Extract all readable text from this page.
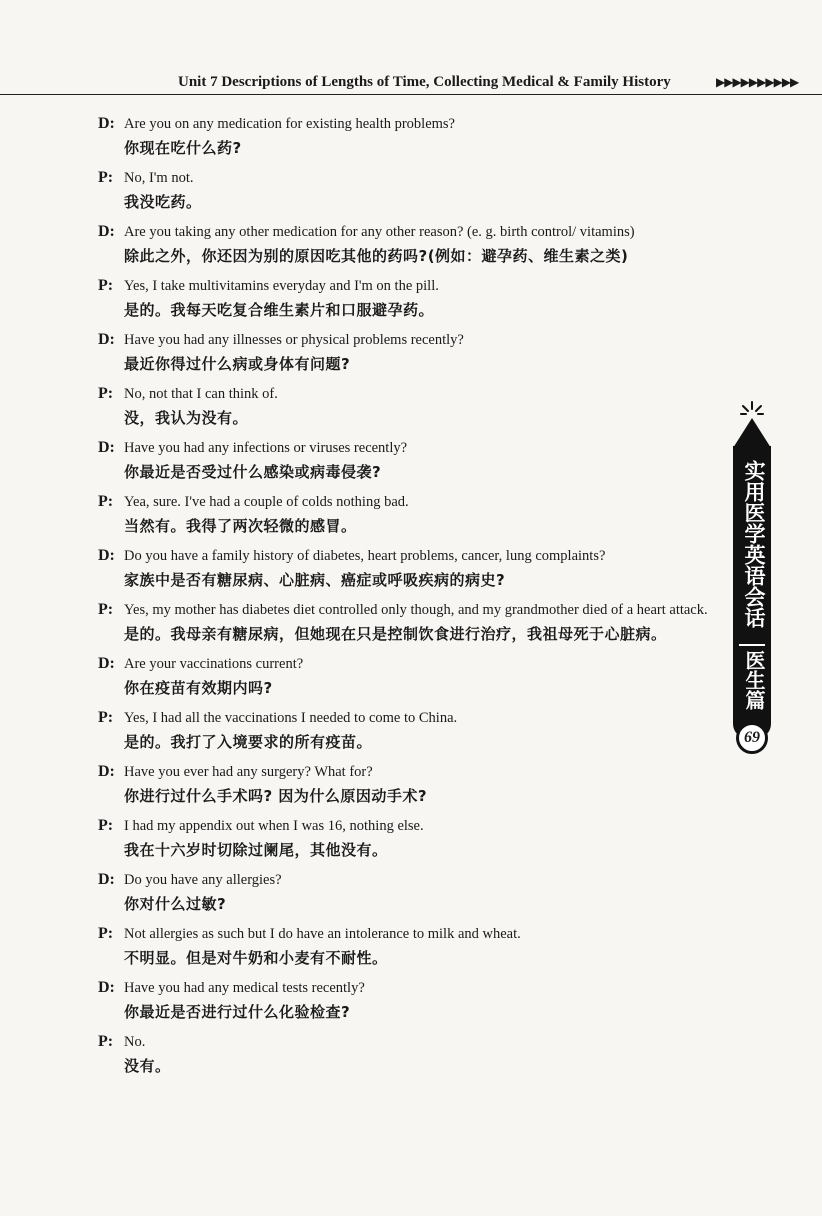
Unit 7 Descriptions of Lengths of Time, Collecting Medical & Family History	▶▶▶▶▶▶▶▶▶▶
D: Are you on any medication for existing health problems?
你现在吃什么药?
P: No, I'm not.
我没吃药。
D: Are you taking any other medication for any other reason? (e. g. birth control/ vitamins)
除此之外，你还因为别的原因吃其他的药吗?(例如：避孕药、维生素之类)
P: Yes, I take multivitamins everyday and I'm on the pill.
是的。我每天吃复合维生素片和口服避孕药。
D: Have you had any illnesses or physical problems recently?
最近你得过什么病或身体有问题?
P: No, not that I can think of.
没，我认为没有。
D: Have you had any infections or viruses recently?
你最近是否受过什么感染或病毒侵袭?
P: Yea, sure. I've had a couple of colds nothing bad.
当然有。我得了两次轻微的感冒。
D: Do you have a family history of diabetes, heart problems, cancer, lung complaints?
家族中是否有糖尿病、心脏病、癌症或呼吸疾病的病史?
P: Yes, my mother has diabetes diet controlled only though, and my grandmother died of a heart attack.
是的。我母亲有糖尿病，但她现在只是控制饮食进行治疗，我祖母死于心脏病。
D: Are your vaccinations current?
你在疫苗有效期内吗?
P: Yes, I had all the vaccinations I needed to come to China.
是的。我打了入境要求的所有疫苗。
D: Have you ever had any surgery? What for?
你进行过什么手术吗? 因为什么原因动手术?
P: I had my appendix out when I was 16, nothing else.
我在十六岁时切除过阑尾，其他没有。
D: Do you have any allergies?
你对什么过敏?
P: Not allergies as such but I do have an intolerance to milk and wheat.
不明显。但是对牛奶和小麦有不耐性。
D: Have you had any medical tests recently?
你最近是否进行过什么化验检查?
P: No.
没有。
实用医学英语会话
医生篇
69
